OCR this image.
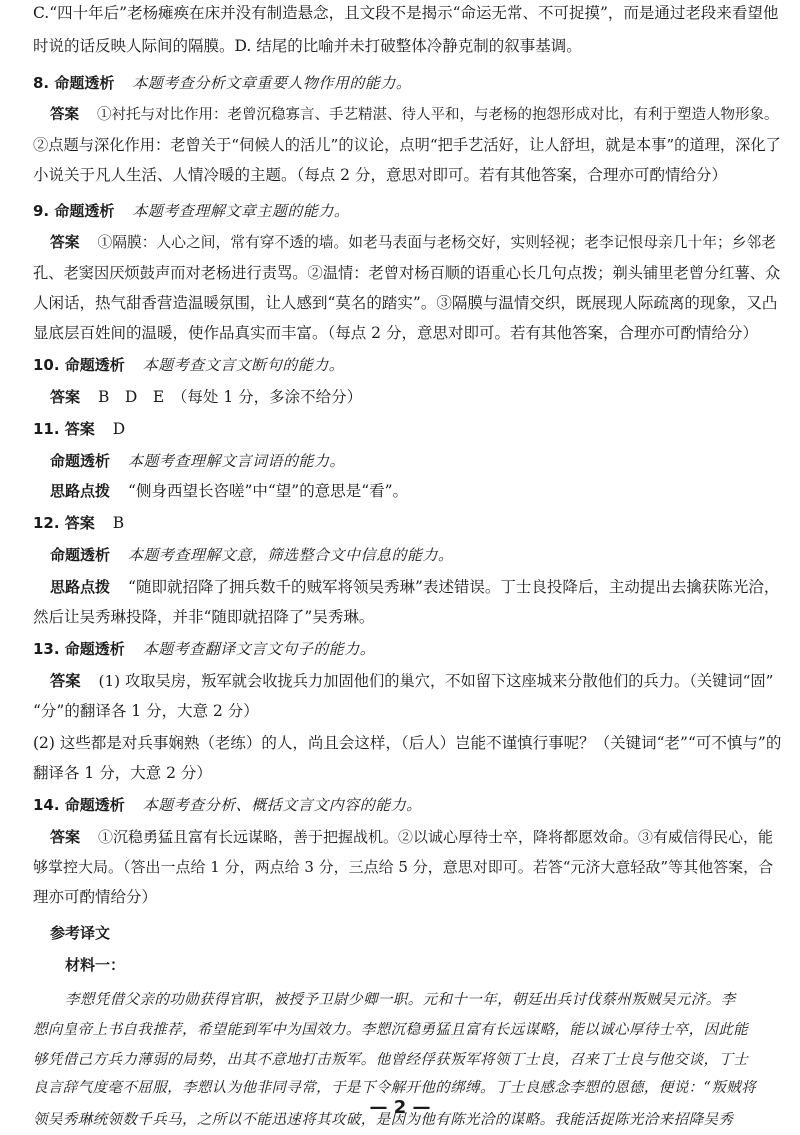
C.“四十年后”老杨瘫痪在床并没有制造悬念，且文段不是揭示“命运无常、不可捉摸”，而是通过老段来看望他
时说的话反映人际间的隔膜。D. 结尾的比喻并未打破整体冷静克制的叙事基调。
8. 命题透析 本题考查分析文章重要人物作用的能力。
答案 ①衬托与对比作用：老曾沉稳寡言、手艺精湛、待人平和，与老杨的抱怨形成对比，有利于塑造人物形象。
②点题与深化作用：老曾关于“伺候人的活儿”的议论，点明“把手艺活好，让人舒坦，就是本事”的道理，深化了
小说关于凡人生活、人情冷暖的主题。（每点 2 分，意思对即可。若有其他答案，合理亦可酌情给分）
9. 命题透析 本题考查理解文章主题的能力。
答案 ①隔膜：人心之间，常有穿不透的墙。如老马表面与老杨交好，实则轻视；老李记恨母亲几十年；乡邻老
孔、老窦因厌烦鼓声而对老杨进行责骂。②温情：老曾对杨百顺的语重心长几句点拨；剃头铺里老曾分红薯、众
人闲话，热气甜香营造温暖氛围，让人感到“莫名的踏实”。③隔膜与温情交织，既展现人际疏离的现象，又凸
显底层百姓间的温暖，使作品真实而丰富。（每点 2 分，意思对即可。若有其他答案，合理亦可酌情给分）
10. 命题透析 本题考查文言文断句的能力。
答案 B　D　E　（每处 1 分，多涂不给分）
11. 答案 D
命题透析 本题考查理解文言词语的能力。
思路点拨 “侧身西望长咨嗟”中“望”的意思是“看”。
12. 答案 B
命题透析 本题考查理解文意，筛选整合文中信息的能力。
思路点拨 “随即就招降了拥兵数千的贼军将领吴秀琳”表述错误。丁士良投降后，主动提出去擒获陈光洽，
然后让吴秀琳投降，并非“随即就招降了”吴秀琳。
13. 命题透析 本题考查翻译文言文句子的能力。
答案 (1) 攻取吴房，叛军就会收拢兵力加固他们的巢穴，不如留下这座城来分散他们的兵力。（关键词“固”
“分”的翻译各 1 分，大意 2 分）
(2) 这些都是对兵事娴熟（老练）的人，尚且会这样，（后人）岂能不谨慎行事呢？（关键词“老”“可不慎与”的
翻译各 1 分，大意 2 分）
14. 命题透析 本题考查分析、概括文言文内容的能力。
答案 ①沉稳勇猛且富有长远谋略，善于把握战机。②以诚心厚待士卒，降将都愿效命。③有威信得民心，能
够掌控大局。（答出一点给 1 分，两点给 3 分，三点给 5 分，意思对即可。若答“元济大意轻敌”等其他答案，合
理亦可酌情给分）
参考译文
材料一：
李愬凭借父亲的功勋获得官职，被授予卫尉少卿一职。元和十一年，朝廷出兵讨伐蔡州叛贼吴元济。李
愬向皇帝上书自我推荐，希望能到军中为国效力。李愬沉稳勇猛且富有长远谋略，能以诚心厚待士卒，因此能
够凭借己方兵力薄弱的局势，出其不意地打击叛军。他曾经俘获叛军将领丁士良，召来丁士良与他交谈，丁士
良言辞气度毫不屈服，李愬认为他非同寻常，于是下令解开他的绑缚。丁士良感念李愬的恩德，便说：“叛贼将
领吴秀琳统领数千兵马，之所以不能迅速将其攻破，是因为他有陈光洽的谋略。我能活捉陈光洽来招降吴秀
— 2 —
